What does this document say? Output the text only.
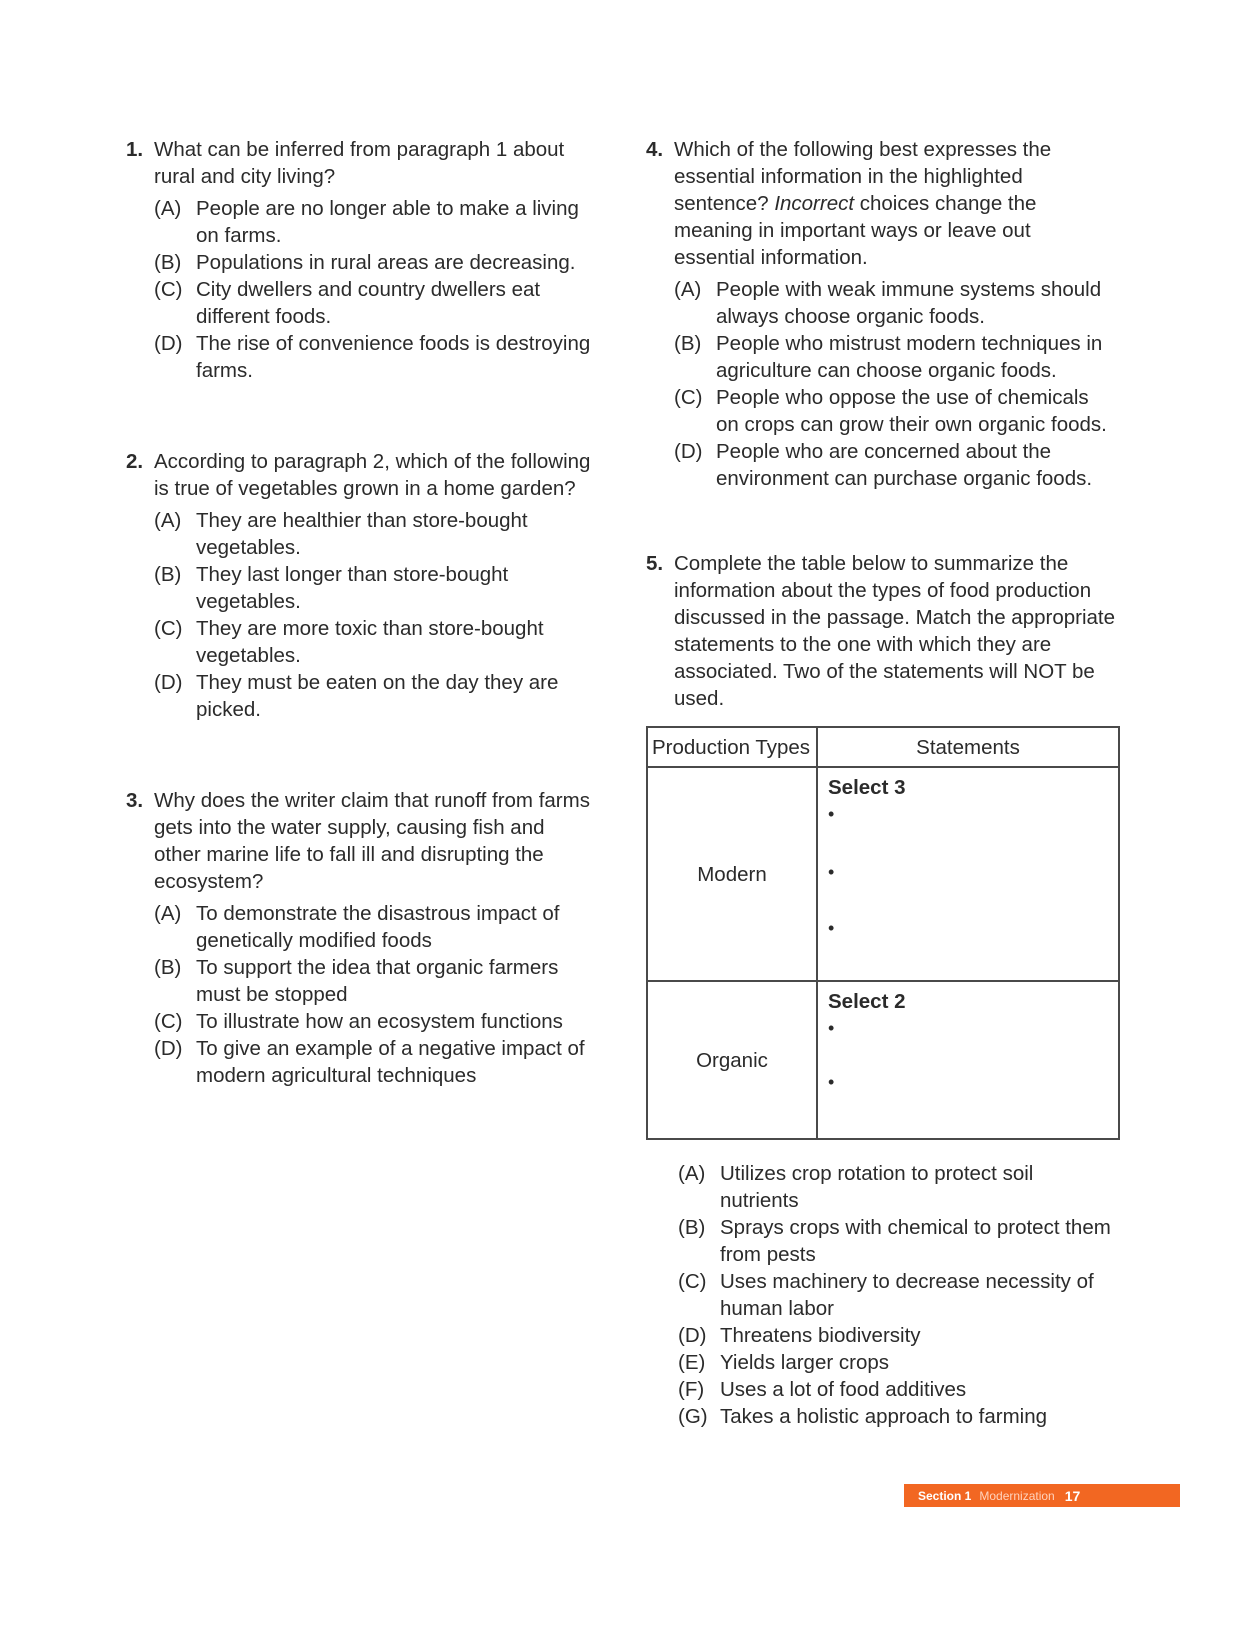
1. What can be inferred from paragraph 1 about rural and city living?
(A) People are no longer able to make a living on farms.
(B) Populations in rural areas are decreasing.
(C) City dwellers and country dwellers eat different foods.
(D) The rise of convenience foods is destroying farms.
2. According to paragraph 2, which of the following is true of vegetables grown in a home garden?
(A) They are healthier than store-bought vegetables.
(B) They last longer than store-bought vegetables.
(C) They are more toxic than store-bought vegetables.
(D) They must be eaten on the day they are picked.
3. Why does the writer claim that runoff from farms gets into the water supply, causing fish and other marine life to fall ill and disrupting the ecosystem?
(A) To demonstrate the disastrous impact of genetically modified foods
(B) To support the idea that organic farmers must be stopped
(C) To illustrate how an ecosystem functions
(D) To give an example of a negative impact of modern agricultural techniques
4. Which of the following best expresses the essential information in the highlighted sentence? Incorrect choices change the meaning in important ways or leave out essential information.
(A) People with weak immune systems should always choose organic foods.
(B) People who mistrust modern techniques in agriculture can choose organic foods.
(C) People who oppose the use of chemicals on crops can grow their own organic foods.
(D) People who are concerned about the environment can purchase organic foods.
5. Complete the table below to summarize the information about the types of food production discussed in the passage. Match the appropriate statements to the one with which they are associated. Two of the statements will NOT be used.
Production Types	Statements
Modern	Select 3
•
•
•

Organic	Select 2
•
•
(A) Utilizes crop rotation to protect soil nutrients
(B) Sprays crops with chemical to protect them from pests
(C) Uses machinery to decrease necessity of human labor
(D) Threatens biodiversity
(E) Yields larger crops
(F) Uses a lot of food additives
(G) Takes a holistic approach to farming
Section 1 Modernization 17
